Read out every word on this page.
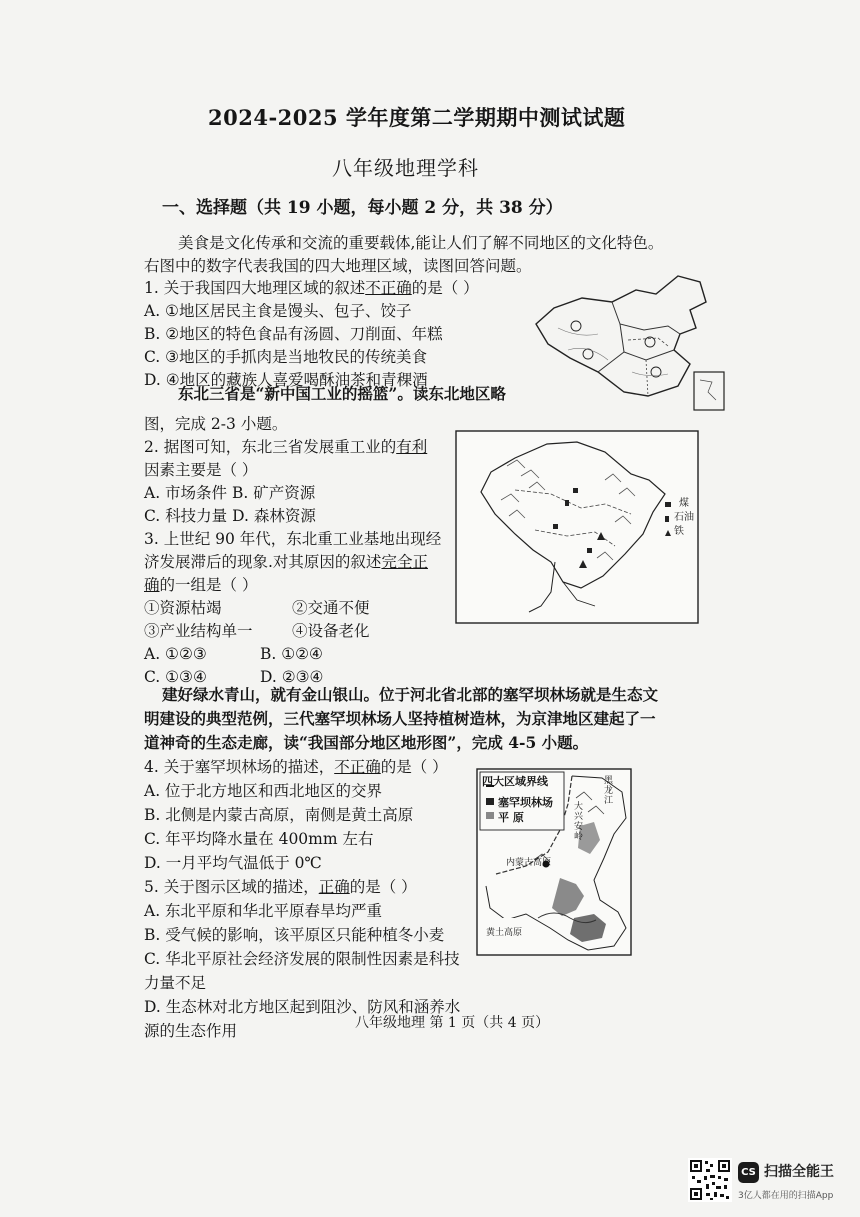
2024-2025 学年度第二学期期中测试试题
八年级地理学科
一、选择题（共 19 小题，每小题 2 分，共 38 分）
美食是文化传承和交流的重要载体,能让人们了解不同地区的文化特色。
右图中的数字代表我国的四大地理区域，读图回答问题。
1. 关于我国四大地理区域的叙述不正确的是（ ）
A. ①地区居民主食是馒头、包子、饺子
B. ②地区的特色食品有汤圆、刀削面、年糕
C. ③地区的手抓肉是当地牧民的传统美食
D. ④地区的藏族人喜爱喝酥油茶和青稞酒
东北三省是“新中国工业的摇篮”。读东北地区略
图，完成 2-3 小题。
2. 据图可知，东北三省发展重工业的有利
因素主要是（ ）
A. 市场条件 B. 矿产资源
C. 科技力量 D. 森林资源
3. 上世纪 90 年代，东北重工业基地出现经
济发展滞后的现象.对其原因的叙述完全正
确的一组是（ ）
①资源枯竭	②交通不便
③产业结构单一	④设备老化
A. ①②③	B. ①②④
C. ①③④	D. ②③④
煤
石油
铁
建好绿水青山，就有金山银山。位于河北省北部的塞罕坝林场就是生态文
明建设的典型范例，三代塞罕坝林场人坚持植树造林，为京津地区建起了一
道神奇的生态走廊，读“我国部分地区地形图”，完成 4-5 小题。
4. 关于塞罕坝林场的描述，不正确的是（ ）
A. 位于北方地区和西北地区的交界
B. 北侧是内蒙古高原，南侧是黄土高原
C. 年平均降水量在 400mm 左右
D. 一月平均气温低于 0℃
5. 关于图示区域的描述，正确的是（ ）
A. 东北平原和华北平原春旱均严重
B. 受气候的影响，该平原区只能种植冬小麦
C. 华北平原社会经济发展的限制性因素是科技
力量不足
D. 生态林对北方地区起到阻沙、防风和涵养水
源的生态作用
四大区域界线
塞罕坝林场
平 原
内蒙古高原
黄土高原
黑 龙 江
大 兴 安 岭
八年级地理 第 1 页（共 4 页）
CS 扫描全能王
3亿人都在用的扫描App
